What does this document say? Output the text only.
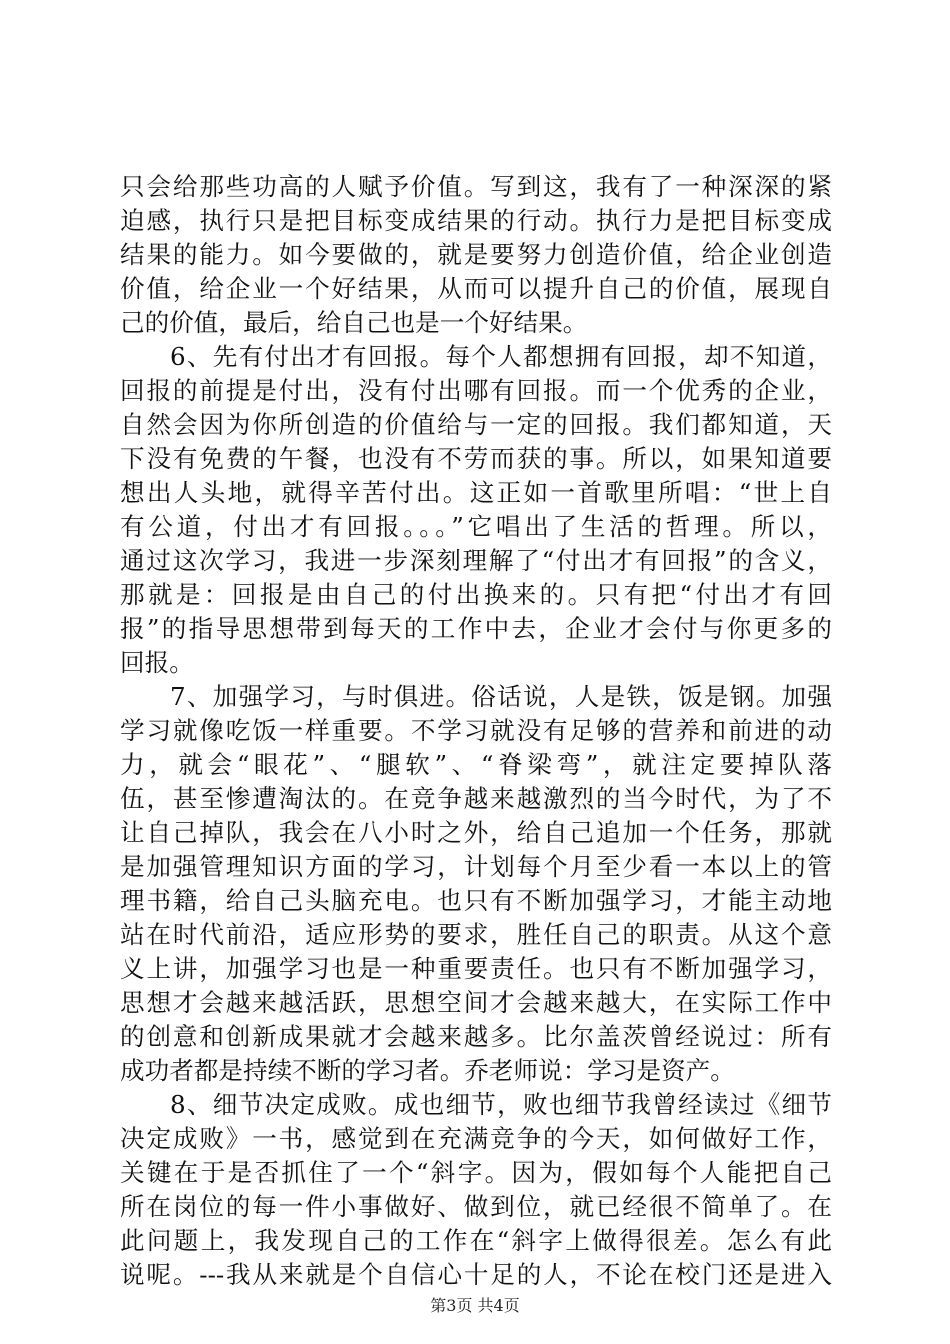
只会给那些功高的人赋予价值。写到这，我有了一种深深的紧
迫感，执行只是把目标变成结果的行动。执行力是把目标变成
结果的能力。如今要做的，就是要努力创造价值，给企业创造
价值，给企业一个好结果，从而可以提升自己的价值，展现自
己的价值，最后，给自己也是一个好结果。
6、先有付出才有回报。每个人都想拥有回报，却不知道，
回报的前提是付出，没有付出哪有回报。而一个优秀的企业，
自然会因为你所创造的价值给与一定的回报。我们都知道，天
下没有免费的午餐，也没有不劳而获的事。所以，如果知道要
想出人头地，就得辛苦付出。这正如一首歌里所唱：“世上自
有公道，付出才有回报。。。”它唱出了生活的哲理。所以，
通过这次学习，我进一步深刻理解了“付出才有回报”的含义，
那就是：回报是由自己的付出换来的。只有把“付出才有回
报”的指导思想带到每天的工作中去，企业才会付与你更多的
回报。
7、加强学习，与时俱进。俗话说，人是铁，饭是钢。加强
学习就像吃饭一样重要。不学习就没有足够的营养和前进的动
力，就会“眼花”、“腿软”、“脊梁弯”，就注定要掉队落
伍，甚至惨遭淘汰的。在竞争越来越激烈的当今时代，为了不
让自己掉队，我会在八小时之外，给自己追加一个任务，那就
是加强管理知识方面的学习，计划每个月至少看一本以上的管
理书籍，给自己头脑充电。也只有不断加强学习，才能主动地
站在时代前沿，适应形势的要求，胜任自己的职责。从这个意
义上讲，加强学习也是一种重要责任。也只有不断加强学习，
思想才会越来越活跃，思想空间才会越来越大，在实际工作中
的创意和创新成果就才会越来越多。比尔盖茨曾经说过：所有
成功者都是持续不断的学习者。乔老师说：学习是资产。
8、细节决定成败。成也细节，败也细节我曾经读过《细节
决定成败》一书，感觉到在充满竞争的今天，如何做好工作，
关键在于是否抓住了一个“斜字。因为，假如每个人能把自己
所在岗位的每一件小事做好、做到位，就已经很不简单了。在
此问题上，我发现自己的工作在“斜字上做得很差。怎么有此
说呢。---我从来就是个自信心十足的人，不论在校门还是进入
第3页 共4页
